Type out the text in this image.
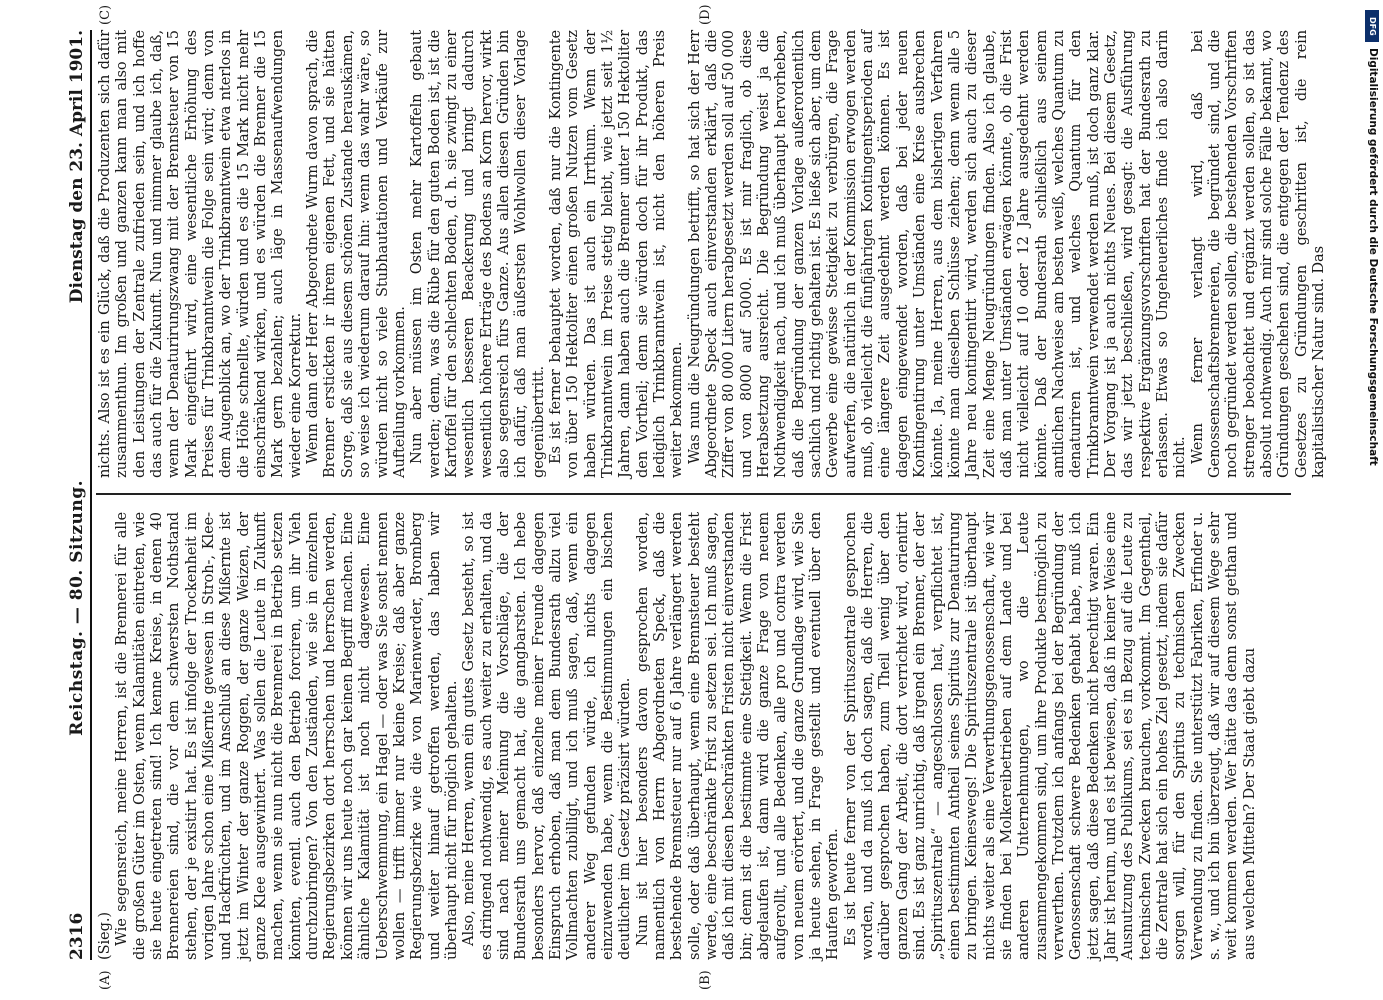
2316
Reichstag. — 80. Sitzung.
Dienstag den 23. April 1901.

(Sieg.) Wie segensreich, meine Herren, ist die Brennerei für alle die großen Güter im Osten, wenn Kalamitäten eintreten, wie sie heute eingetreten sind! Ich kenne Kreise, in denen 40 Brennereien sind, die vor dem schwersten Nothstand stehen, der je existirt hat. Es ist infolge der Trockenheit im vorigen Jahre schon eine Mißernte gewesen in Stroh-, Klee- und Hackfrüchten, und im Anschluß an diese Mißernte ist jetzt im Winter der ganze Roggen, der ganze Weizen, der ganze Klee ausgewintert. Was sollen die Leute in Zukunft machen, wenn sie nun nicht die Brennerei in Betrieb setzen könnten, eventl. auch den Betrieb forciren, um ihr Vieh durchzubringen? Von den Zuständen, wie sie in einzelnen Regierungsbezirken dort herrschen und herrschen werden, können wir uns heute noch gar keinen Begriff machen. Eine ähnliche Kalamität ist noch nicht dagewesen. Eine Ueberschwemmung, ein Hagel — oder was Sie sonst nennen wollen — trifft immer nur kleine Kreise; daß aber ganze Regierungsbezirke wie die von Marienwerder, Bromberg und weiter hinauf getroffen werden, das haben wir überhaupt nicht für möglich gehalten. Also, meine Herren, wenn ein gutes Gesetz besteht, so ist es dringend nothwendig, es auch weiter zu erhalten, und da sind nach meiner Meinung die Vorschläge, die der Bundesrath uns gemacht hat, die gangbarsten. Ich hebe besonders hervor, daß einzelne meiner Freunde dagegen Einspruch erhoben, daß man dem Bundesrath allzu viel Vollmachten zubilligt, und ich muß sagen, daß, wenn ein anderer Weg gefunden würde, ich nichts dagegen einzuwenden habe, wenn die Bestimmungen ein bischen deutlicher im Gesetz präzisirt würden. Nun ist hier besonders davon gesprochen worden, namentlich von Herrn Abgeordneten Speck, daß die bestehende Brennsteuer nur auf 6 Jahre verlängert werden solle, oder daß überhaupt, wenn eine Brennsteuer besteht werde, eine beschränkte Frist zu setzen sei. Ich muß sagen, daß ich mit diesen beschränkten Fristen nicht einverstanden bin; denn ist die bestimmte eine Stetigkeit. Wenn die Frist abgelaufen ist, dann wird die ganze Frage von neuem aufgerollt, und alle Bedenken, alle pro und contra werden von neuem erörtert, und die ganze Grundlage wird, wie Sie ja heute sehen, in Frage gestellt und eventuell über den Haufen geworfen. Es ist heute ferner von der Spirituszentrale gesprochen worden, und da muß ich doch sagen, daß die Herren, die darüber gesprochen haben, zum Theil wenig über den ganzen Gang der Arbeit, die dort verrichtet wird, orientirt sind. Es ist ganz unrichtig, daß irgend ein Brenner, der der „Spirituszentrale“ — angeschlossen hat, verpflichtet ist, einen bestimmten Antheil seines Spiritus zur Denaturirung zu bringen. Keineswegs! Die Spirituszentrale ist überhaupt nichts weiter als eine Verwerthungsgenossenschaft, wie wir sie finden bei Molkereibetrieben auf dem Lande und bei anderen Unternehmungen, wo die Leute zusammengekommen sind, um ihre Produkte bestmöglich zu verwerthen. Trotzdem ich anfangs bei der Begründung der Genossenschaft schwere Bedenken gehabt habe, muß ich jetzt sagen, daß diese Bedenken nicht berechtigt waren. Ein Jahr ist herum, und es ist bewiesen, daß in keiner Weise eine Ausnutzung des Publikums, sei es in Bezug auf die Leute zu technischen Zwecken brauchen, vorkommt. Im Gegentheil, die Zentrale hat sich ein hohes Ziel gesetzt, indem sie dafür sorgen will, für den Spiritus zu technischen Zwecken Verwendung zu finden. Sie unterstützt Fabriken, Erfinder u. s. w., und ich bin überzeugt, daß wir auf diesem Wege sehr weit kommen werden. Wer hätte das denn sonst gethan und aus welchen Mitteln? Der Staat giebt dazu

nichts. Also ist es ein Glück, daß die Produzenten sich dafür zusammenthun. Im großen und ganzen kann man also mit den Leistungen der Zentrale zufrieden sein, und ich hoffe das auch für die Zukunft. Nun und nimmer glaube ich, daß, wenn der Denaturirungszwang mit der Brennsteuer von 15 Mark eingeführt wird, eine wesentliche Erhöhung des Preises für Trinkbranntwein die Folge sein wird; denn von dem Augenblick an, wo der Trinkbranntwein etwa nterlos in die Höhe schnellte, würden und es die 15 Mark nicht mehr einschränkend wirken, und es würden die Brenner die 15 Mark gern bezahlen; auch läge in Massenaufwendungen wieder eine Korrektur. Wenn dann der Herr Abgeordnete Wurm davon sprach, die Brenner erstickten ir ihrem eigenen Fett, und sie hätten Sorge, daß sie aus diesem schönen Zustande herauskämen, so weise ich wiederum darauf hin: wenn das wahr wäre, so würden nicht so viele Stubhautationen und Verkäufe zur Aufteilung vorkommen. Nun aber müssen im Osten mehr Kartoffeln gebaut werden; denn, was die Rübe für den guten Boden ist, ist die Kartoffel für den schlechten Boden, d. h. sie zwingt zu einer wesentlich besseren Beackerung und bringt dadurch wesentlich höhere Erträge des Bodens an Korn hervor, wirkt also segensreich fürs Ganze. Aus allen diesen Gründen bin ich dafür, daß man äußersten Wohlwollen dieser Vorlage gegenübertritt. Es ist ferner behauptet worden, daß nur die Kontingente von über 150 Hektoliter einen großen Nutzen vom Gesetz haben würden. Das ist auch ein Irrthum. Wenn der Trinkbranntwein im Preise stetig bleibt, wie jetzt seit 1½ Jahren, dann haben auch die Brenner unter 150 Hektoliter den Vortheil; denn sie würden doch für ihr Produkt, das lediglich Trinkbranntwein ist, nicht den höheren Preis weiter bekommen. Was nun die Neugründungen betrifft, so hat sich der Herr Abgeordnete Speck auch einverstanden erklärt, daß die Ziffer von 80 000 Litern herabgesetzt werden soll auf 50 000 und von 8000 auf 5000. Es ist mir fraglich, ob diese Herabsetzung ausreicht. Die Begründung weist ja die Nothwendigkeit nach, und ich muß überhaupt hervorheben, daß die Begründung der ganzen Vorlage außerordentlich sachlich und richtig gehalten ist. Es ließe sich aber, um dem Gewerbe eine gewisse Stetigkeit zu verbürgen, die Frage aufwerfen, die natürlich in der Kommission erwogen werden muß, ob vielleicht die fünfjährigen Kontingentsperioden auf eine längere Zeit ausgedehnt werden können. Es ist dagegen eingewendet worden, daß bei jeder neuen Kontingentirung unter Umständen eine Krise ausbrechen könnte. Ja, meine Herren, aus dem bisherigen Verfahren könnte man dieselben Schlüsse ziehen; denn wenn alle 5 Jahre neu kontingentirt wird, werden sich auch zu dieser Zeit eine Menge Neugründungen finden. Also ich glaube, daß man unter Umständen erwägen könnte, ob die Frist nicht vielleicht auf 10 oder 12 Jahre ausgedehnt werden könnte. Daß der Bundesrath schließlich aus seinem amtlichen Nachweise am besten weiß, welches Quantum zu denaturiren ist, und welches Quantum für den Trinkbranntwein verwendet werden muß, ist doch ganz klar. Der Vorgang ist ja auch nichts Neues. Bei diesem Gesetz, das wir jetzt beschließen, wird gesagt: die Ausführung respektive Ergänzungsvorschriften hat der Bundesrath zu erlassen. Etwas so Ungeheuerliches finde ich also darin nicht. Wenn ferner verlangt wird, daß bei Genossenschaftsbrennereien, die begründet sind, und die noch gegründet werden sollen, die bestehenden Vorschriften strenger beobachtet und ergänzt werden sollen, so ist das absolut nothwendig. Auch mir sind solche Fälle bekannt, wo Gründungen geschehen sind, die entgegen der Tendenz des Gesetzes zu Gründungen geschritten ist, die rein kapitalistischer Natur sind. Das

(A)	(B)
(C)	(D)
DFG
Digitalisierung gefördert durch die Deutsche Forschungsgemeinschaft
